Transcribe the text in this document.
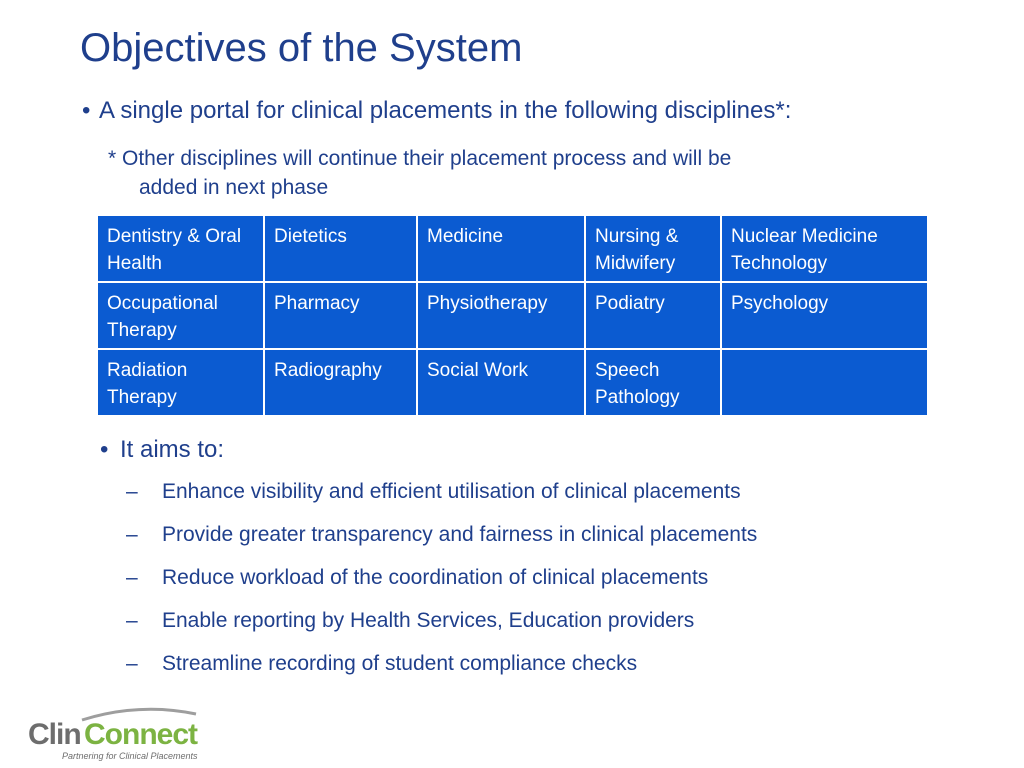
Objectives of the System
• A single portal for clinical placements in the following disciplines*:
* Other disciplines will continue their placement process and will be
added in next phase
Dentistry & Oral Health	Dietetics	Medicine	Nursing & Midwifery	Nuclear Medicine Technology
Occupational Therapy	Pharmacy	Physiotherapy	Podiatry	Psychology
Radiation Therapy	Radiography	Social Work	Speech Pathology	
• It aims to:
– Enhance visibility and efficient utilisation of clinical placements
– Provide greater transparency and fairness in clinical placements
– Reduce workload of the coordination of clinical placements
– Enable reporting by Health Services, Education providers
– Streamline recording of student compliance checks
Clin Connect
Partnering for Clinical Placements
